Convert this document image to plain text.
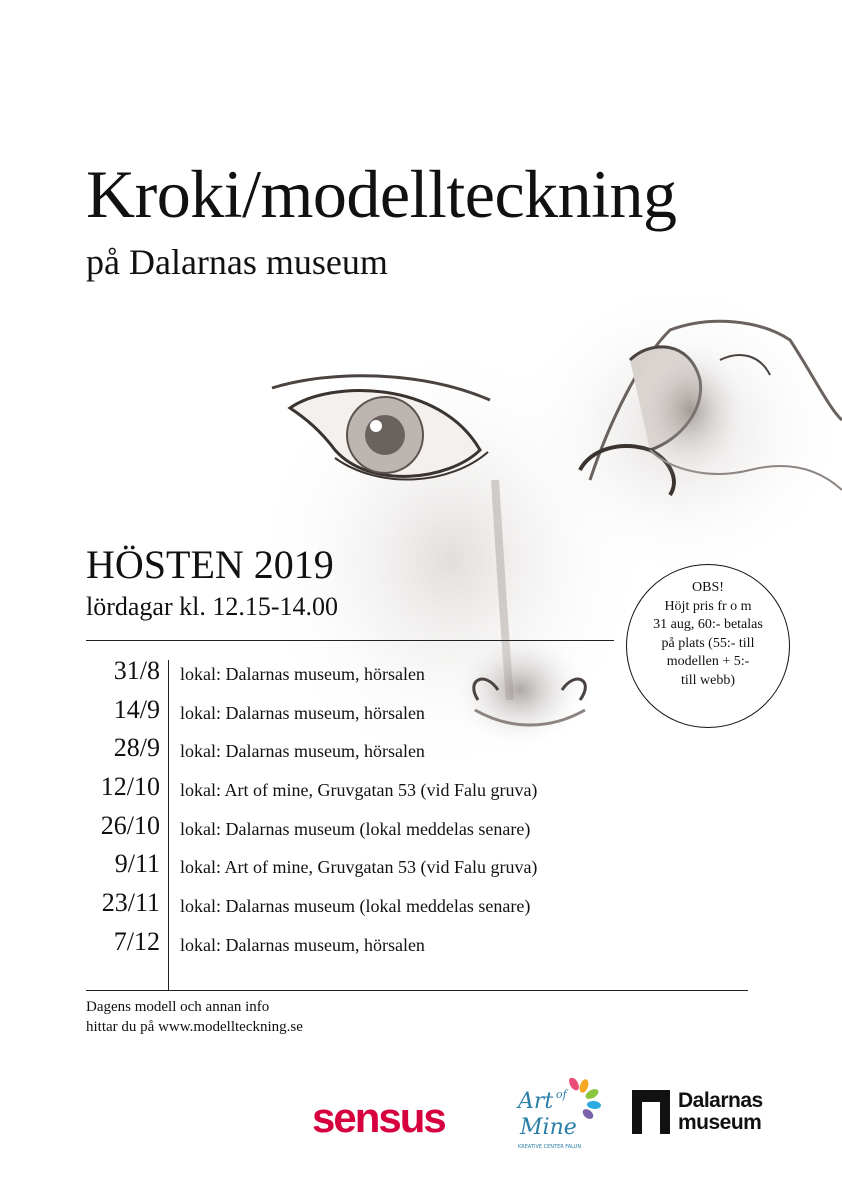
Kroki/modellteckning
på Dalarnas museum
HÖSTEN 2019
lördagar kl. 12.15-14.00
31/8 lokal: Dalarnas museum, hörsalen
14/9 lokal: Dalarnas museum, hörsalen
28/9 lokal: Dalarnas museum, hörsalen
12/10 lokal: Art of mine, Gruvgatan 53 (vid Falu gruva)
26/10 lokal: Dalarnas museum (lokal meddelas senare)
9/11 lokal: Art of mine, Gruvgatan 53 (vid Falu gruva)
23/11 lokal: Dalarnas museum (lokal meddelas senare)
7/12 lokal: Dalarnas museum, hörsalen
OBS!
Höjt pris fr o m
31 aug, 60:- betalas
på plats (55:- till
modellen + 5:-
till webb)
Dagens modell och annan info
hittar du på www.modellteckning.se
sensus	Art of
Mine
KREATIVE CENTER FALUN
Dalarnas
museum
